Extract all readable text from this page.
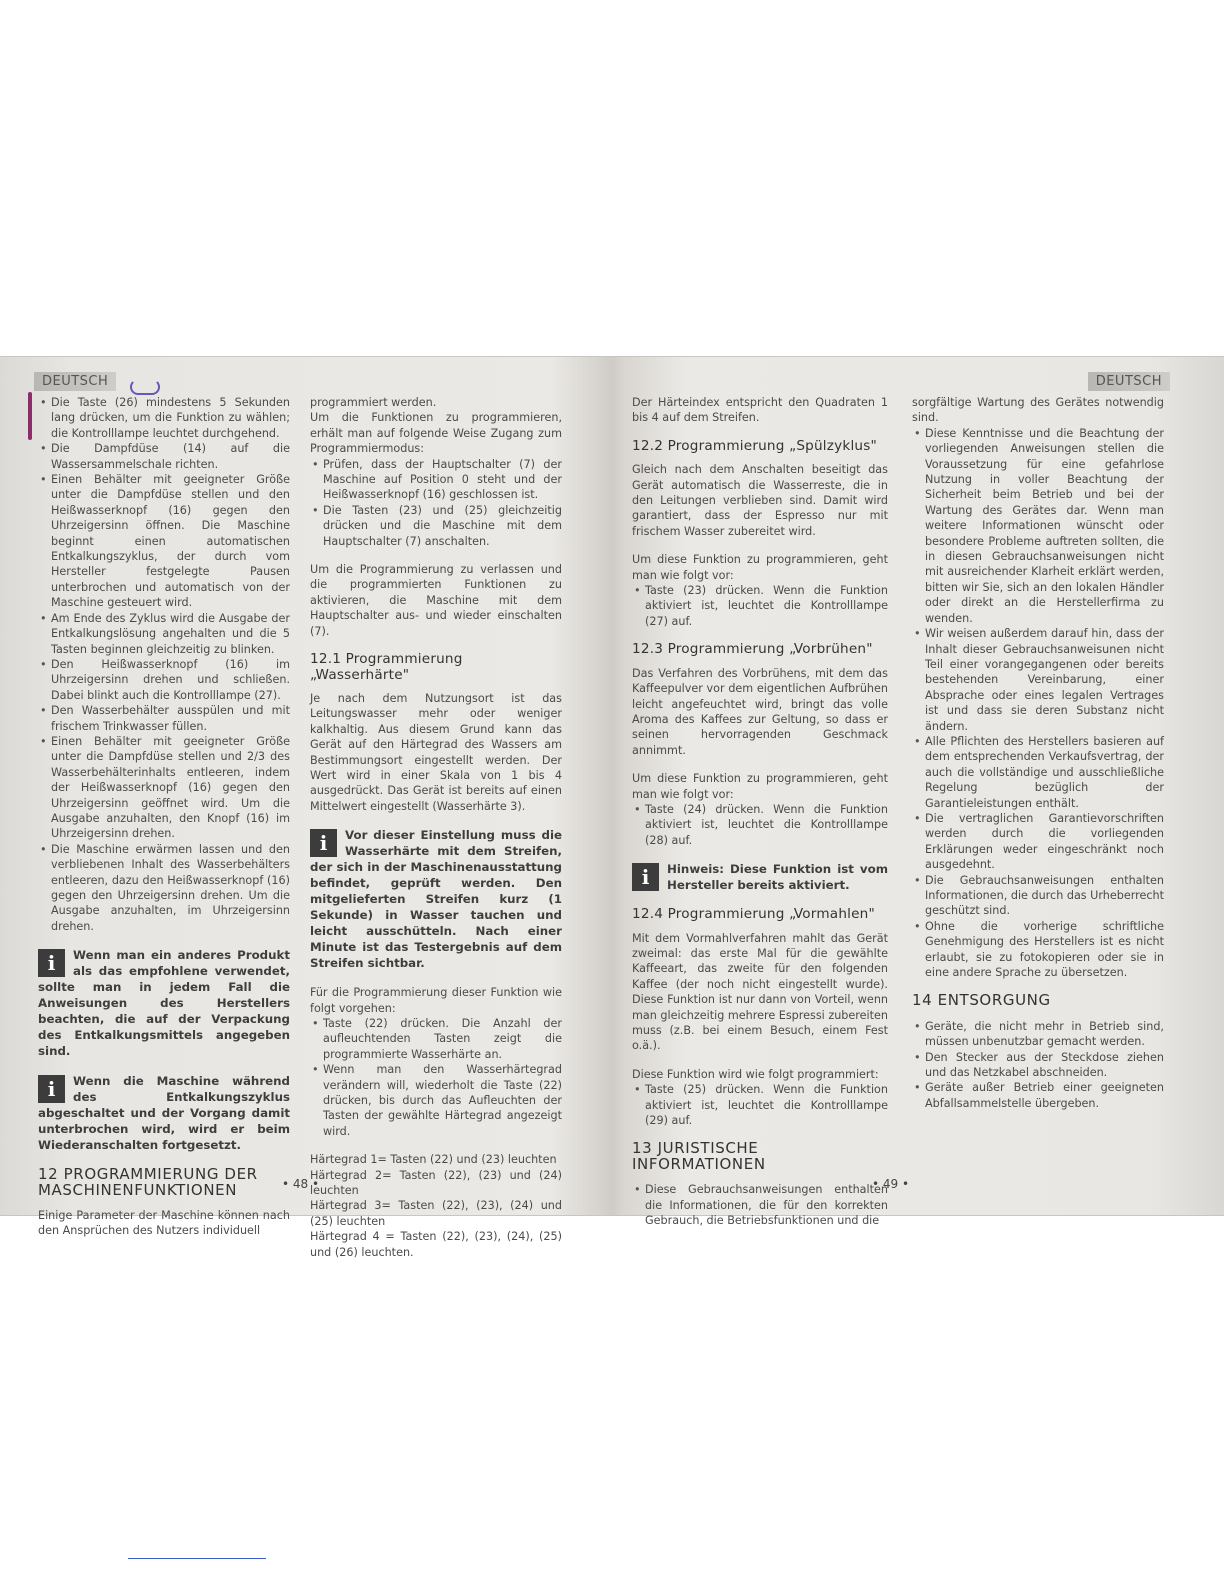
DEUTSCH
• Die Taste (26) mindestens 5 Sekunden lang drücken, um die Funktion zu wählen; die Kontrolllampe leuchtet durchgehend.
• Die Dampfdüse (14) auf die Wassersammelschale richten.
• Einen Behälter mit geeigneter Größe unter die Dampfdüse stellen und den Heißwasserknopf (16) gegen den Uhrzeigersinn öffnen. Die Maschine beginnt einen automatischen Entkalkungszyklus, der durch vom Hersteller festgelegte Pausen unterbrochen und automatisch von der Maschine gesteuert wird.
• Am Ende des Zyklus wird die Ausgabe der Entkalkungslösung angehalten und die 5 Tasten beginnen gleichzeitig zu blinken.
• Den Heißwasserknopf (16) im Uhrzeigersinn drehen und schließen. Dabei blinkt auch die Kontrolllampe (27).
• Den Wasserbehälter ausspülen und mit frischem Trinkwasser füllen.
• Einen Behälter mit geeigneter Größe unter die Dampfdüse stellen und 2/3 des Wasserbehälterinhalts entleeren, indem der Heißwasserknopf (16) gegen den Uhrzeigersinn geöffnet wird. Um die Ausgabe anzuhalten, den Knopf (16) im Uhrzeigersinn drehen.
• Die Maschine erwärmen lassen und den verbliebenen Inhalt des Wasserbehälters entleeren, dazu den Heißwasserknopf (16) gegen den Uhrzeigersinn drehen. Um die Ausgabe anzuhalten, im Uhrzeigersinn drehen.
i	Wenn man ein anderes Produkt als das empfohlene verwendet, sollte man in jedem Fall die Anweisungen des Herstellers beachten, die auf der Verpackung des Entkalkungsmittels angegeben sind.
i	Wenn die Maschine während des Entkalkungszyklus abgeschaltet und der Vorgang damit unterbrochen wird, wird er beim Wiederanschalten fortgesetzt.
12 PROGRAMMIERUNG DER MASCHINENFUNKTIONEN

Einige Parameter der Maschine können nach den Ansprüchen des Nutzers individuell

programmiert werden.

Um die Funktionen zu programmieren, erhält man auf folgende Weise Zugang zum Programmiermodus:

• Prüfen, dass der Hauptschalter (7) der Maschine auf Position 0 steht und der Heißwasserknopf (16) geschlossen ist.
• Die Tasten (23) und (25) gleichzeitig drücken und die Maschine mit dem Hauptschalter (7) anschalten.

Um die Programmierung zu verlassen und die programmierten Funktionen zu aktivieren, die Maschine mit dem Hauptschalter aus- und wieder einschalten (7).

12.1 Programmierung „Wasserhärte"

Je nach dem Nutzungsort ist das Leitungswasser mehr oder weniger kalkhaltig. Aus diesem Grund kann das Gerät auf den Härtegrad des Wassers am Bestimmungsort eingestellt werden. Der Wert wird in einer Skala von 1 bis 4 ausgedrückt. Das Gerät ist bereits auf einen Mittelwert eingestellt (Wasserhärte 3).

i	Vor dieser Einstellung muss die Wasserhärte mit dem Streifen, der sich in der Maschinenausstattung befindet, geprüft werden. Den mitgelieferten Streifen kurz (1 Sekunde) in Wasser tauchen und leicht ausschütteln. Nach einer Minute ist das Testergebnis auf dem Streifen sichtbar.

Für die Programmierung dieser Funktion wie folgt vorgehen:

• Taste (22) drücken. Die Anzahl der aufleuchtenden Tasten zeigt die programmierte Wasserhärte an.
• Wenn man den Wasserhärtegrad verändern will, wiederholt die Taste (22) drücken, bis durch das Aufleuchten der Tasten der gewählte Härtegrad angezeigt wird.

Härtegrad 1= Tasten (22) und (23) leuchten

Härtegrad 2= Tasten (22), (23) und (24) leuchten

Härtegrad 3= Tasten (22), (23), (24) und (25) leuchten

Härtegrad 4 = Tasten (22), (23), (24), (25) und (26) leuchten.

• 48 •
DEUTSCH

Der Härteindex entspricht den Quadraten 1 bis 4 auf dem Streifen.

12.2 Programmierung „Spülzyklus"

Gleich nach dem Anschalten beseitigt das Gerät automatisch die Wasserreste, die in den Leitungen verblieben sind. Damit wird garantiert, dass der Espresso nur mit frischem Wasser zubereitet wird.

Um diese Funktion zu programmieren, geht man wie folgt vor:

• Taste (23) drücken. Wenn die Funktion aktiviert ist, leuchtet die Kontrolllampe (27) auf.
12.3 Programmierung „Vorbrühen"

Das Verfahren des Vorbrühens, mit dem das Kaffeepulver vor dem eigentlichen Aufbrühen leicht angefeuchtet wird, bringt das volle Aroma des Kaffees zur Geltung, so dass er seinen hervorragenden Geschmack annimmt.

Um diese Funktion zu programmieren, geht man wie folgt vor:

• Taste (24) drücken. Wenn die Funktion aktiviert ist, leuchtet die Kontrolllampe (28) auf.
i	Hinweis: Diese Funktion ist vom Hersteller bereits aktiviert.
12.4 Programmierung „Vormahlen"

Mit dem Vormahlverfahren mahlt das Gerät zweimal: das erste Mal für die gewählte Kaffeeart, das zweite für den folgenden Kaffee (der noch nicht eingestellt wurde). Diese Funktion ist nur dann von Vorteil, wenn man gleichzeitig mehrere Espressi zubereiten muss (z.B. bei einem Besuch, einem Fest o.ä.).

Diese Funktion wird wie folgt programmiert:

• Taste (25) drücken. Wenn die Funktion aktiviert ist, leuchtet die Kontrolllampe (29) auf.
13 JURISTISCHE INFORMATIONEN
• Diese Gebrauchsanweisungen enthalten die Informationen, die für den korrekten Gebrauch, die Betriebsfunktionen und die

sorgfältige Wartung des Gerätes notwendig sind.

• Diese Kenntnisse und die Beachtung der vorliegenden Anweisungen stellen die Voraussetzung für eine gefahrlose Nutzung in voller Beachtung der Sicherheit beim Betrieb und bei der Wartung des Gerätes dar. Wenn man weitere Informationen wünscht oder besondere Probleme auftreten sollten, die in diesen Gebrauchsanweisungen nicht mit ausreichender Klarheit erklärt werden, bitten wir Sie, sich an den lokalen Händler oder direkt an die Herstellerfirma zu wenden.
• Wir weisen außerdem darauf hin, dass der Inhalt dieser Gebrauchsanweisunen nicht Teil einer vorangegangenen oder bereits bestehenden Vereinbarung, einer Absprache oder eines legalen Vertrages ist und dass sie deren Substanz nicht ändern.
• Alle Pflichten des Herstellers basieren auf dem entsprechenden Verkaufsvertrag, der auch die vollständige und ausschließliche Regelung bezüglich der Garantieleistungen enthält.
• Die vertraglichen Garantievorschriften werden durch die vorliegenden Erklärungen weder eingeschränkt noch ausgedehnt.
• Die Gebrauchsanweisungen enthalten Informationen, die durch das Urheberrecht geschützt sind.
• Ohne die vorherige schriftliche Genehmigung des Herstellers ist es nicht erlaubt, sie zu fotokopieren oder sie in eine andere Sprache zu übersetzen.
14 ENTSORGUNG
• Geräte, die nicht mehr in Betrieb sind, müssen unbenutzbar gemacht werden.
• Den Stecker aus der Steckdose ziehen und das Netzkabel abschneiden.
• Geräte außer Betrieb einer geeigneten Abfallsammelstelle übergeben.
• 49 •
